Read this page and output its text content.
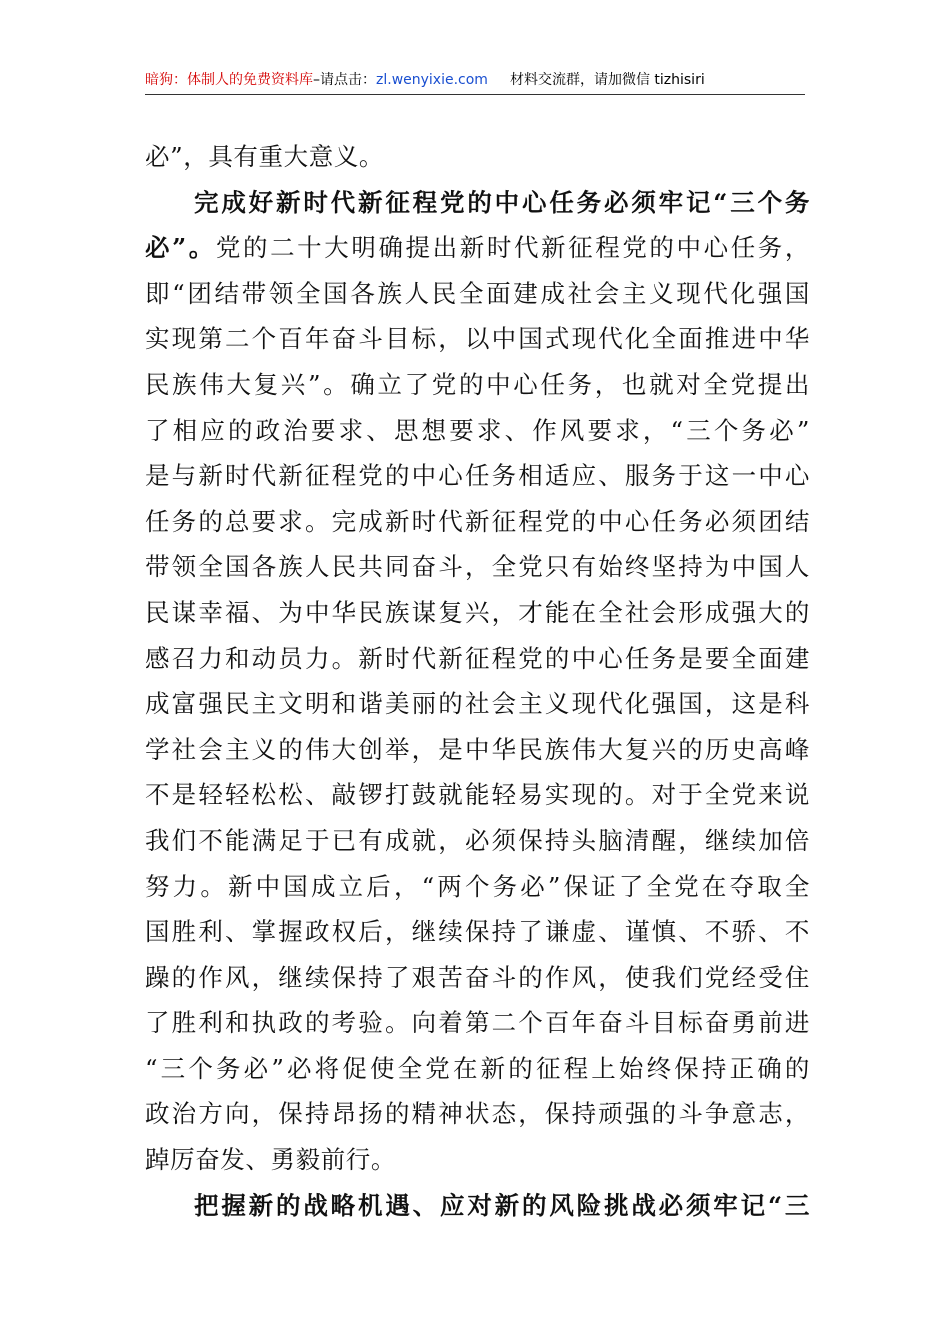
暗狗：体制人的免费资料库–请点击：zl.wenyixie.com 材料交流群，请加微信 tizhisiri
必”，具有重大意义。
完成好新时代新征程党的中心任务必须牢记“三个务
必”。党的二十大明确提出新时代新征程党的中心任务，
即“团结带领全国各族人民全面建成社会主义现代化强国
实现第二个百年奋斗目标，以中国式现代化全面推进中华
民族伟大复兴”。确立了党的中心任务，也就对全党提出
了相应的政治要求、思想要求、作风要求，“三个务必”
是与新时代新征程党的中心任务相适应、服务于这一中心
任务的总要求。完成新时代新征程党的中心任务必须团结
带领全国各族人民共同奋斗，全党只有始终坚持为中国人
民谋幸福、为中华民族谋复兴，才能在全社会形成强大的
感召力和动员力。新时代新征程党的中心任务是要全面建
成富强民主文明和谐美丽的社会主义现代化强国，这是科
学社会主义的伟大创举，是中华民族伟大复兴的历史高峰
不是轻轻松松、敲锣打鼓就能轻易实现的。对于全党来说
我们不能满足于已有成就，必须保持头脑清醒，继续加倍
努力。新中国成立后，“两个务必”保证了全党在夺取全
国胜利、掌握政权后，继续保持了谦虚、谨慎、不骄、不
躁的作风，继续保持了艰苦奋斗的作风，使我们党经受住
了胜利和执政的考验。向着第二个百年奋斗目标奋勇前进
“三个务必”必将促使全党在新的征程上始终保持正确的
政治方向，保持昂扬的精神状态，保持顽强的斗争意志，
踔厉奋发、勇毅前行。
把握新的战略机遇、应对新的风险挑战必须牢记“三
